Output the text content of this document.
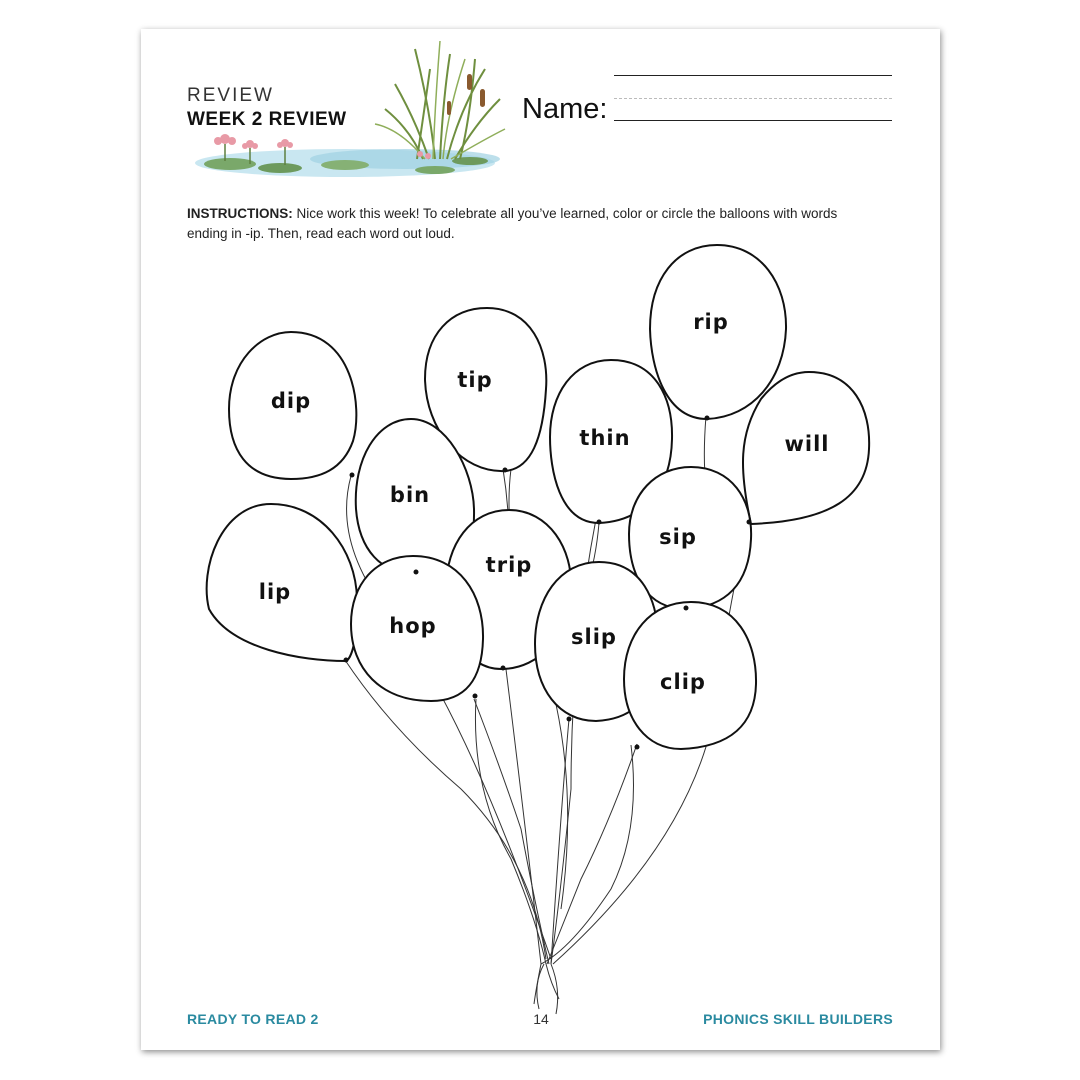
REVIEW
WEEK 2 REVIEW	Name:
INSTRUCTIONS: Nice work this week! To celebrate all you’ve learned, color or circle the balloons with words ending in -ip. Then, read each word out loud.
dip
tip
rip
thin	will
bin
sip
trip
lip
hop	slip
clip
READY TO READ 2	14	PHONICS SKILL BUILDERS
